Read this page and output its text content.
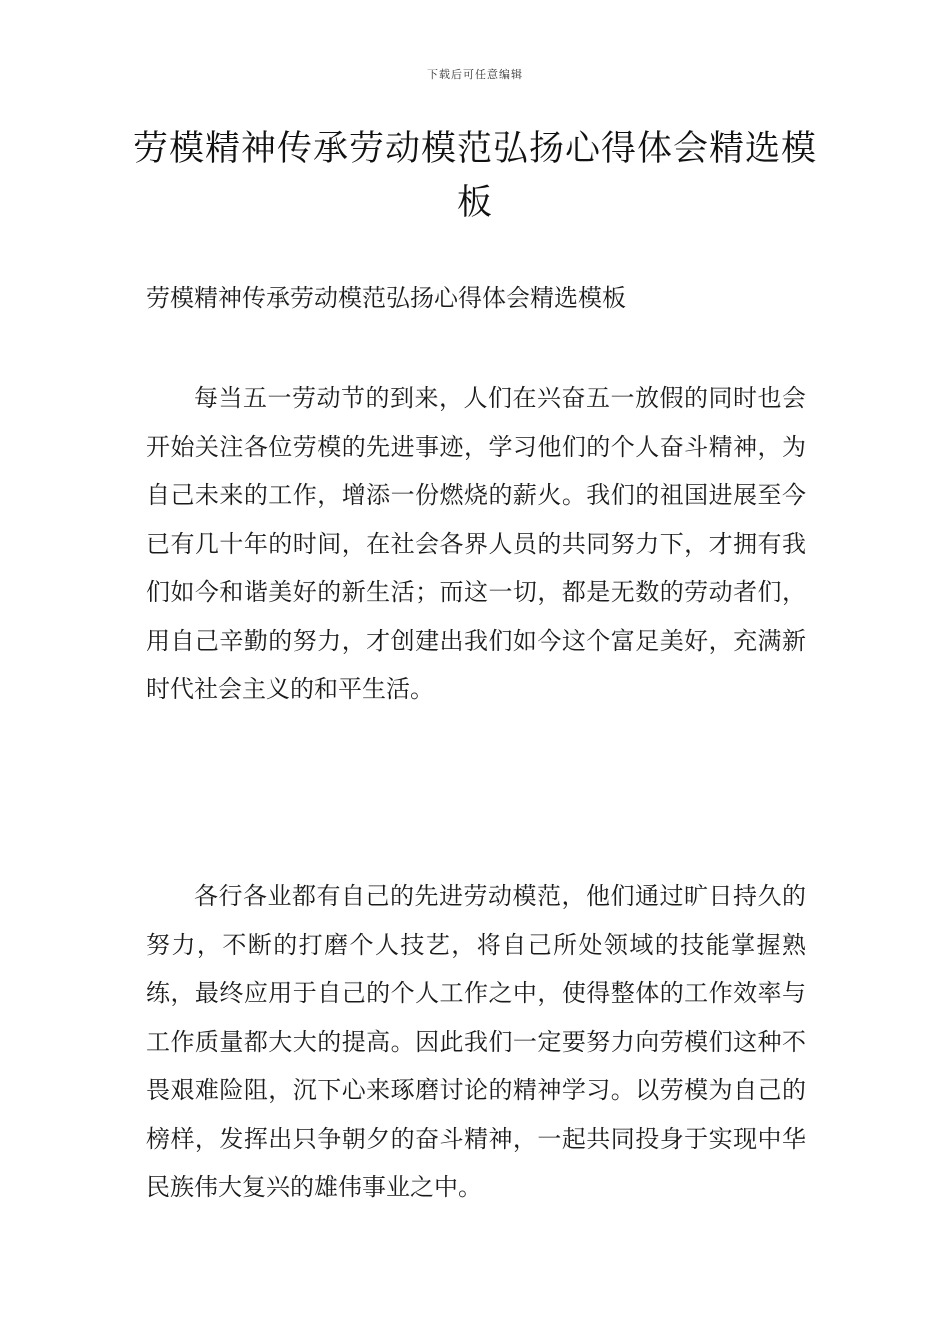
下载后可任意编辑
劳模精神传承劳动模范弘扬心得体会精选模板

劳模精神传承劳动模范弘扬心得体会精选模板

每当五一劳动节的到来，人们在兴奋五一放假的同时也会开始关注各位劳模的先进事迹，学习他们的个人奋斗精神，为自己未来的工作，增添一份燃烧的薪火。我们的祖国进展至今已有几十年的时间，在社会各界人员的共同努力下，才拥有我们如今和谐美好的新生活；而这一切，都是无数的劳动者们，用自己辛勤的努力，才创建出我们如今这个富足美好，充满新时代社会主义的和平生活。

各行各业都有自己的先进劳动模范，他们通过旷日持久的努力，不断的打磨个人技艺，将自己所处领域的技能掌握熟练，最终应用于自己的个人工作之中，使得整体的工作效率与工作质量都大大的提高。因此我们一定要努力向劳模们这种不畏艰难险阻，沉下心来琢磨讨论的精神学习。以劳模为自己的榜样，发挥出只争朝夕的奋斗精神，一起共同投身于实现中华民族伟大复兴的雄伟事业之中。
